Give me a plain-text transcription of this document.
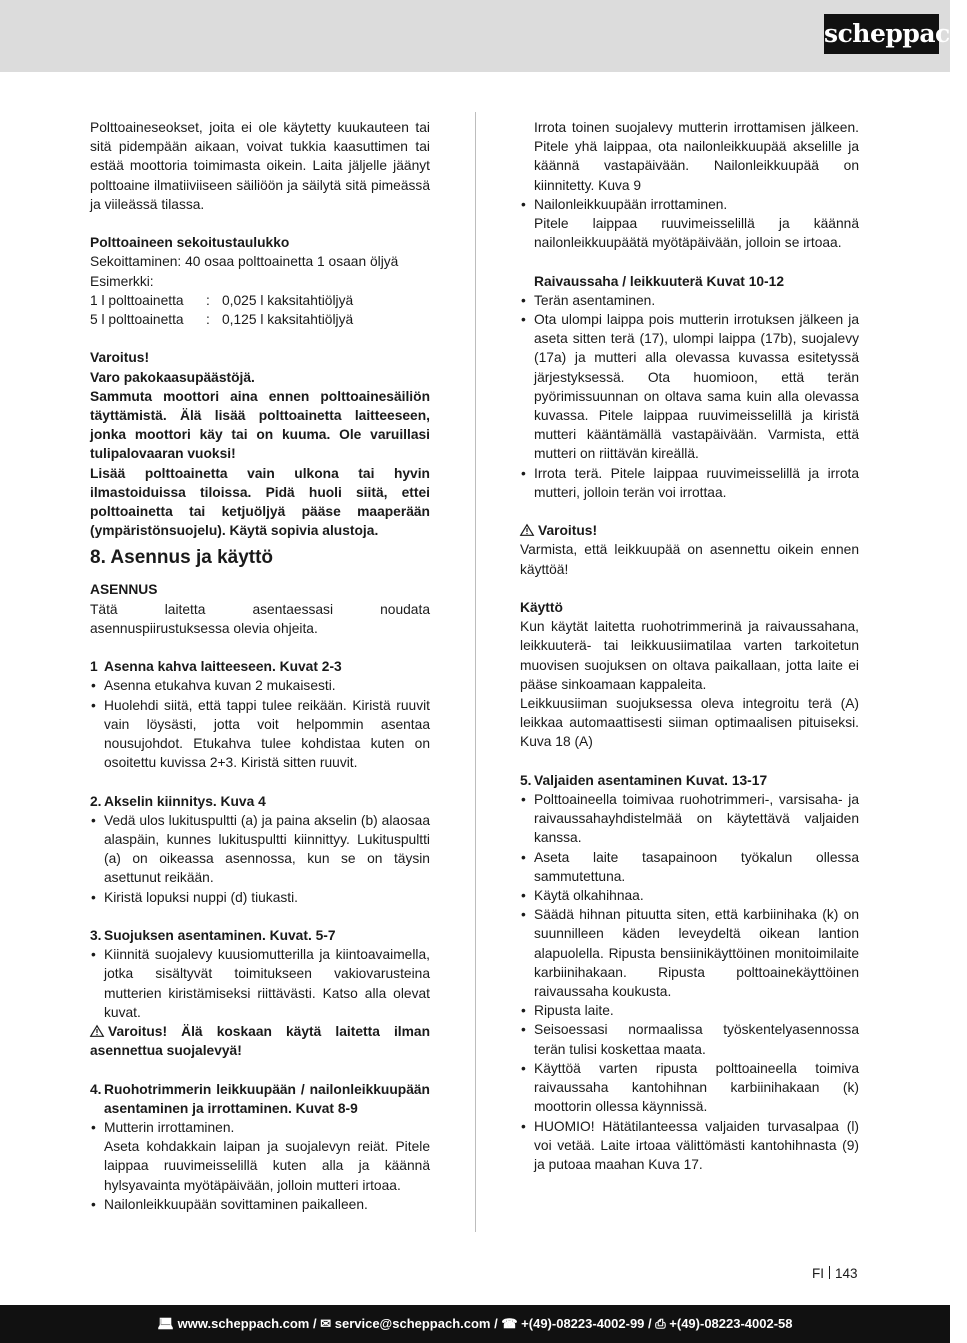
scheppach

Polttoaineseokset, joita ei ole käytetty kuukauteen tai sitä pidempään aikaan, voivat tukkia kaasuttimen tai estää moottoria toimimasta oikein. Laita jäljelle jäänyt polttoaine ilmatiiviiseen säiliöön ja säilytä sitä pimeässä ja viileässä tilassa.

Polttoaineen sekoitustaulukko

Sekoittaminen: 40 osaa polttoainetta 1 osaan öljyä

Esimerkki:

1 l polttoainetta	: 0,025 l kaksitahtiöljyä
5 l polttoainetta	: 0,125 l kaksitahtiöljyä

Varoitus!

Varo pakokaasupäästöjä.

Sammuta moottori aina ennen polttoainesäiliön täyttämistä. Älä lisää polttoainetta laitteeseen, jonka moottori käy tai on kuuma. Ole varuillasi tulipalovaaran vuoksi!

Lisää polttoainetta vain ulkona tai hyvin ilmastoiduissa tiloissa. Pidä huoli siitä, ettei polttoainetta tai ketjuöljyä pääse maaperään (ympäristönsuojelu). Käytä sopivia alustoja.

8. Asennus ja käyttö

ASENNUS

Tätä laitetta asentaessasi noudata asennuspiirustuksessa olevia ohjeita.

1 Asenna kahva laitteeseen. Kuvat 2-3
• Asenna etukahva kuvan 2 mukaisesti.
• Huolehdi siitä, että tappi tulee reikään. Kiristä ruuvit vain löysästi, jotta voit helpommin asentaa nousujohdot. Etukahva tulee kohdistaa kuten on osoitettu kuvissa 2+3. Kiristä sitten ruuvit.
2. Akselin kiinnitys. Kuva 4
• Vedä ulos lukituspultti (a) ja paina akselin (b) alaosaa alaspäin, kunnes lukituspultti kiinnittyy. Lukituspultti (a) on oikeassa asennossa, kun se on täysin asettunut reikään.
• Kiristä lopuksi nuppi (d) tiukasti.
3. Suojuksen asentaminen. Kuvat. 5-7
• Kiinnitä suojalevy kuusiomutterilla ja kiintoavaimella, jotka sisältyvät toimitukseen vakiovarusteina mutterien kiristämiseksi riittävästi. Katso alla olevat kuvat.

Varoitus! Älä koskaan käytä laitetta ilman asennettua suojalevyä!

4. Ruohotrimmerin leikkuupään / nailonleikkuupään asentaminen ja irrottaminen. Kuvat 8-9
• Mutterin irrottaminen.

Aseta kohdakkain laipan ja suojalevyn reiät. Pitele laippaa ruuvimeisselillä kuten alla ja käännä hylsyavainta myötäpäivään, jolloin mutteri irtoaa.

• Nailonleikkuupään sovittaminen paikalleen.

Irrota toinen suojalevy mutterin irrottamisen jälkeen. Pitele yhä laippaa, ota nailonleikkuupää akselille ja käännä vastapäivään. Nailonleikkuupää on kiinnitetty. Kuva 9

• Nailonleikkuupään irrottaminen.

Pitele laippaa ruuvimeisselillä ja käännä nailonleikkuupäätä myötäpäivään, jolloin se irtoaa.

Raivaussaha / leikkuuterä Kuvat 10-12

• Terän asentaminen.
• Ota ulompi laippa pois mutterin irrotuksen jälkeen ja aseta sitten terä (17), ulompi laippa (17b), suojalevy (17a) ja mutteri alla olevassa kuvassa esitetyssä järjestyksessä. Ota huomioon, että terän pyörimissuunnan on oltava sama kuin alla olevassa kuvassa. Pitele laippaa ruuvimeisselillä ja kiristä mutteri kääntämällä vastapäivään. Varmista, että mutteri on riittävän kireällä.
• Irrota terä. Pitele laippaa ruuvimeisselillä ja irrota mutteri, jolloin terän voi irrottaa.

Varoitus!

Varmista, että leikkuupää on asennettu oikein ennen käyttöä!

Käyttö

Kun käytät laitetta ruohotrimmerinä ja raivaussahana, leikkuuterä- tai leikkuusiimatilaa varten tarkoitetun muovisen suojuksen on oltava paikallaan, jotta laite ei pääse sinkoamaan kappaleita.

Leikkuusiiman suojuksessa oleva integroitu terä (A) leikkaa automaattisesti siiman optimaalisen pituiseksi. Kuva 18 (A)

5. Valjaiden asentaminen Kuvat. 13-17
• Polttoaineella toimivaa ruohotrimmeri-, varsisaha- ja raivaussahayhdistelmää on käytettävä valjaiden kanssa.
• Aseta laite tasapainoon työkalun ollessa sammutettuna.
• Käytä olkahihnaa.
• Säädä hihnan pituutta siten, että karbiinihaka (k) on suunnilleen käden leveydeltä oikean lantion alapuolella. Ripusta bensiinikäyttöinen monitoimilaite karbiinihakaan. Ripusta polttoainekäyttöinen raivaussaha koukusta.
• Ripusta laite.
• Seisoessasi normaalissa työskentelyasennossa terän tulisi koskettaa maata.
• Käyttöä varten ripusta polttoaineella toimiva raivaussaha kantohihnan karbiinihakaan (k) moottorin ollessa käynnissä.
• HUOMIO! Hätätilanteessa valjaiden turvasalpaa (l) voi vetää. Laite irtoaa välittömästi kantohihnasta (9) ja putoaa maahan Kuva 17.
FI 143
💻︎ www.scheppach.com / ✉︎ service@scheppach.com / ☎︎ +(49)-08223-4002-99 / ⎙ +(49)-08223-4002-58
